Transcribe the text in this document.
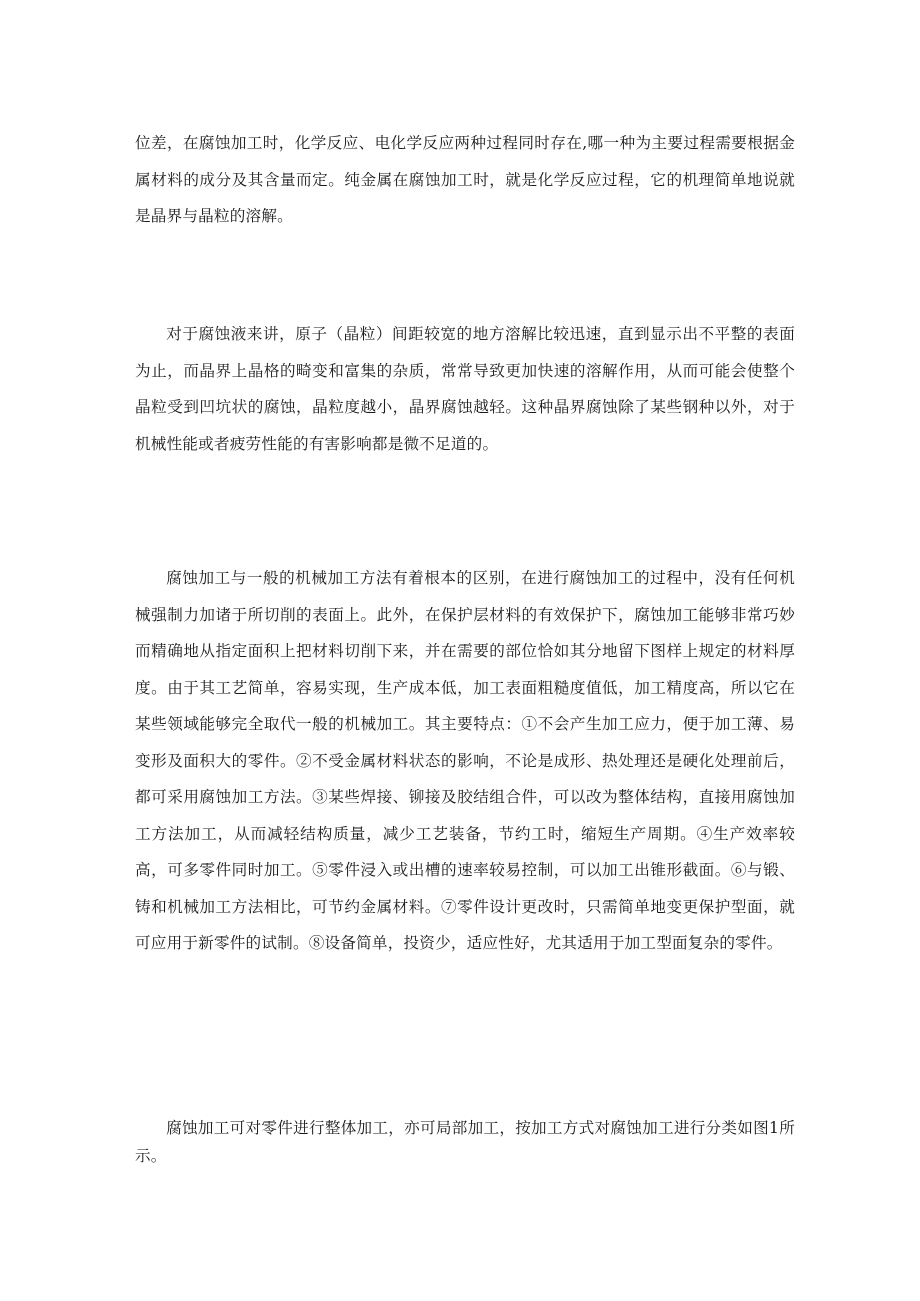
位差，在腐蚀加工时，化学反应、电化学反应两种过程同时存在,哪一种为主要过程需要根据金属材料的成分及其含量而定。纯金属在腐蚀加工时，就是化学反应过程，它的机理简单地说就是晶界与晶粒的溶解。

对于腐蚀液来讲，原子（晶粒）间距较宽的地方溶解比较迅速，直到显示出不平整的表面为止，而晶界上晶格的畸变和富集的杂质，常常导致更加快速的溶解作用，从而可能会使整个晶粒受到凹坑状的腐蚀，晶粒度越小，晶界腐蚀越轻。这种晶界腐蚀除了某些钢种以外，对于机械性能或者疲劳性能的有害影响都是微不足道的。

腐蚀加工与一般的机械加工方法有着根本的区别，在进行腐蚀加工的过程中，没有任何机械强制力加诸于所切削的表面上。此外，在保护层材料的有效保护下，腐蚀加工能够非常巧妙而精确地从指定面积上把材料切削下来，并在需要的部位恰如其分地留下图样上规定的材料厚度。由于其工艺简单，容易实现，生产成本低，加工表面粗糙度值低，加工精度高，所以它在某些领域能够完全取代一般的机械加工。其主要特点：①不会产生加工应力，便于加工薄、易变形及面积大的零件。②不受金属材料状态的影响，不论是成形、热处理还是硬化处理前后，都可采用腐蚀加工方法。③某些焊接、铆接及胶结组合件，可以改为整体结构，直接用腐蚀加工方法加工，从而减轻结构质量，减少工艺装备，节约工时，缩短生产周期。④生产效率较高，可多零件同时加工。⑤零件浸入或出槽的速率较易控制，可以加工出锥形截面。⑥与锻、铸和机械加工方法相比，可节约金属材料。⑦零件设计更改时，只需简单地变更保护型面，就可应用于新零件的试制。⑧设备简单，投资少，适应性好，尤其适用于加工型面复杂的零件。

腐蚀加工可对零件进行整体加工，亦可局部加工，按加工方式对腐蚀加工进行分类如图1所示。
